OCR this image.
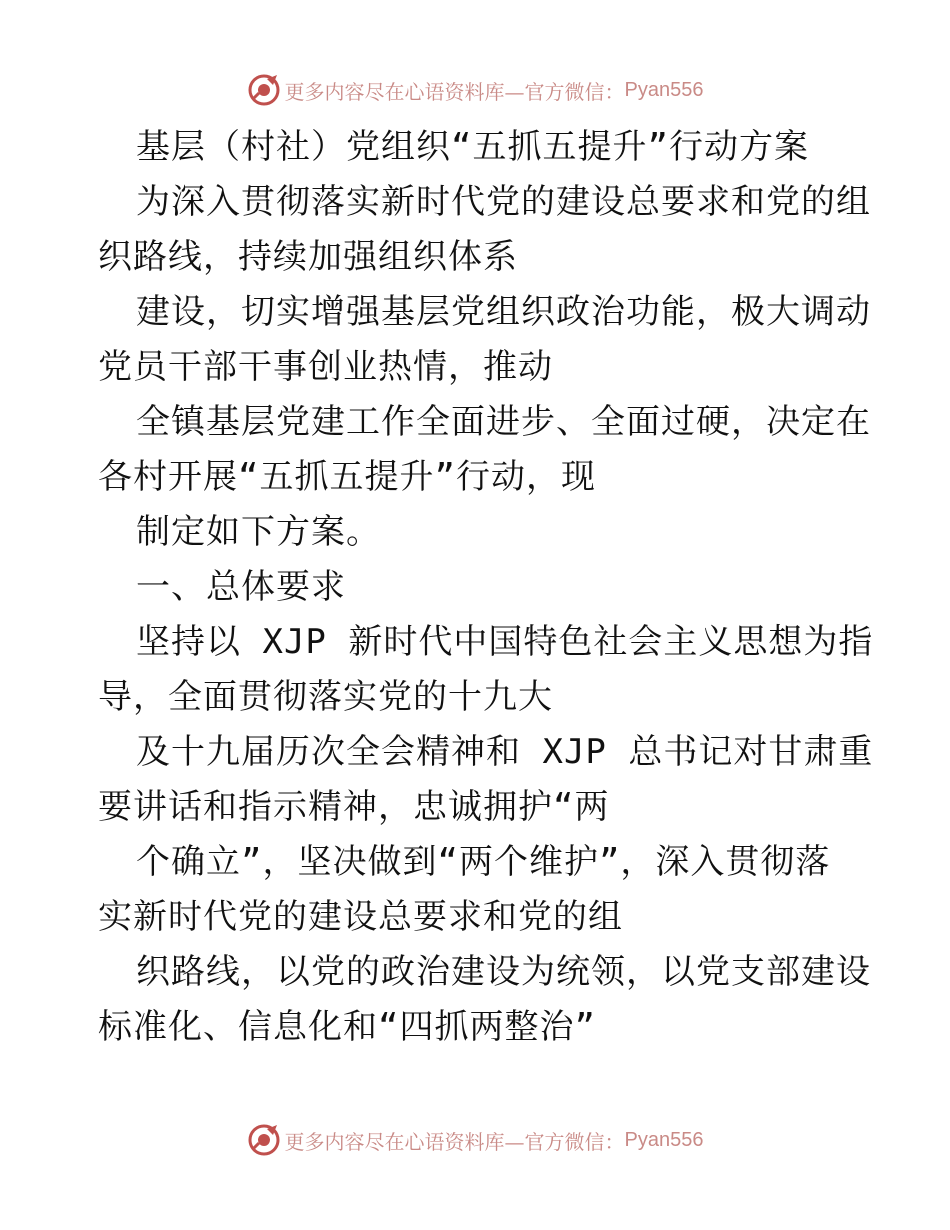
更多内容尽在心语资料库—官方微信： Pyan556
基层（村社）党组织“五抓五提升”行动方案
为深入贯彻落实新时代党的建设总要求和党的组
织路线，持续加强组织体系
建设，切实增强基层党组织政治功能，极大调动
党员干部干事创业热情，推动
全镇基层党建工作全面进步、全面过硬，决定在
各村开展“五抓五提升”行动，现
制定如下方案。
一、总体要求
坚持以 XJP 新时代中国特色社会主义思想为指
导，全面贯彻落实党的十九大
及十九届历次全会精神和 XJP 总书记对甘肃重
要讲话和指示精神，忠诚拥护“两
个确立”，坚决做到“两个维护”，深入贯彻落
实新时代党的建设总要求和党的组
织路线，以党的政治建设为统领，以党支部建设
标准化、信息化和“四抓两整治”
更多内容尽在心语资料库—官方微信： Pyan556
